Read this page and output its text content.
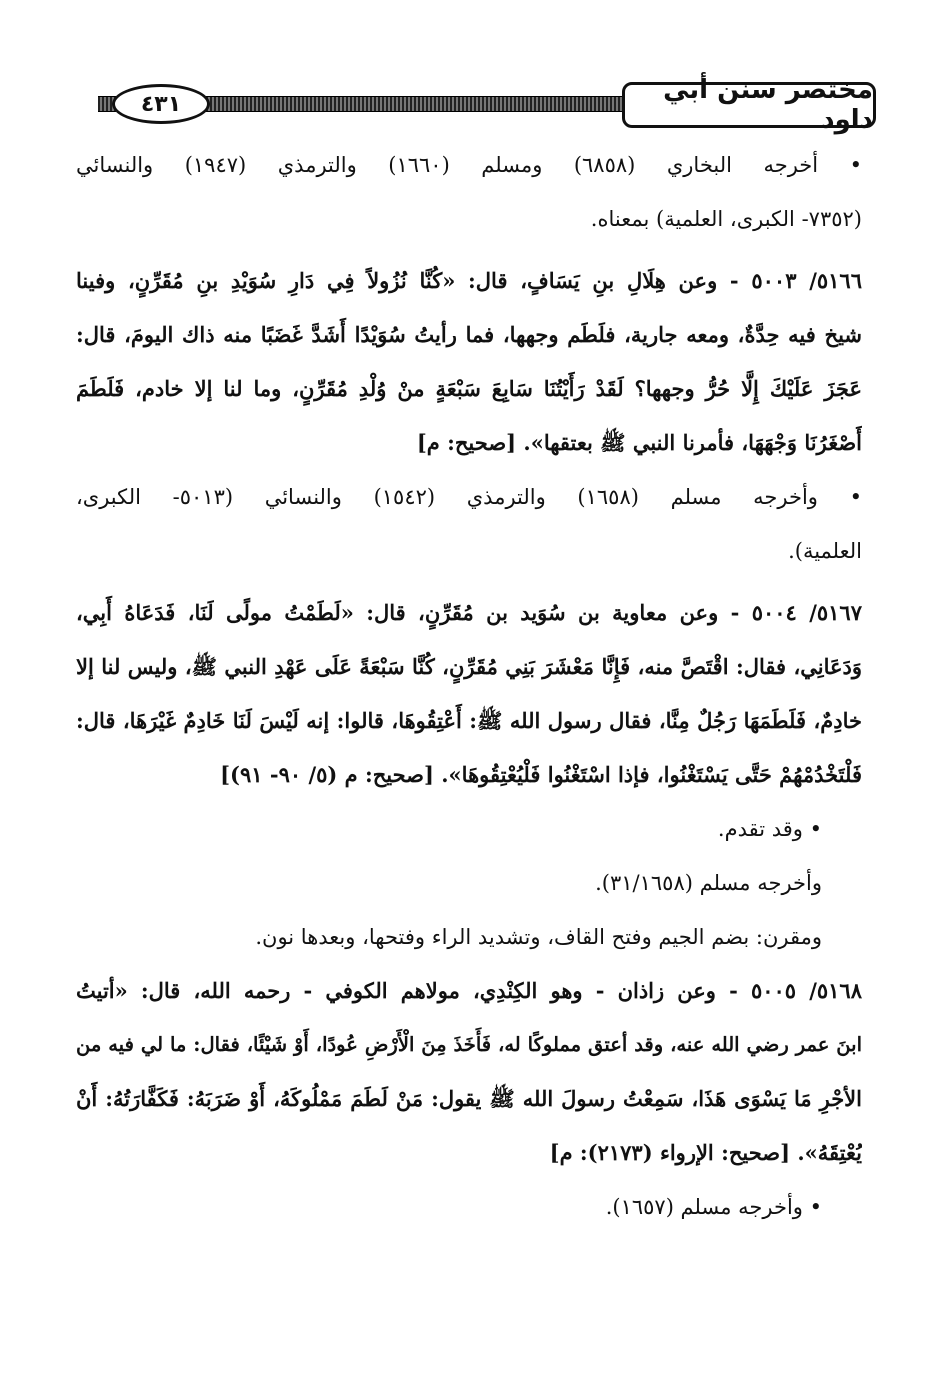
٤٣١	مختصر سنن أبي داود
• أخرجه البخاري (٦٨٥٨) ومسلم (١٦٦٠) والترمذي (١٩٤٧) والنسائي
(٧٣٥٢- الكبرى، العلمية) بمعناه.
٥١٦٦/ ٥٠٠٣ - وعن هِلَالِ بنِ يَسَافٍ، قال: «كُنَّا نُزُولاً فِي دَارِ سُوَيْدِ بنِ مُقَرِّنٍ، وفينا
شيخ فيه حِدَّةٌ، ومعه جارية، فلَطَم وجهها، فما رأيتُ سُوَيْدًا أَشَدَّ غَضَبًا منه ذاك اليومَ، قال:
عَجَزَ عَلَيْكَ إِلَّا حُرُّ وجهها؟ لَقَدْ رَأَيْتُنَا سَابِعَ سَبْعَةٍ منْ وُلْدِ مُقَرِّنٍ، وما لنا إلا خادم، فَلَطَمَ
أَصْغَرُنَا وَجْهَهَا، فأمرنا النبي ﷺ بعتقها». [صحيح: م]
• وأخرجه مسلم (١٦٥٨) والترمذي (١٥٤٢) والنسائي (٥٠١٣- الكبرى،
العلمية).
٥١٦٧/ ٥٠٠٤ - وعن معاوية بن سُوَيد بن مُقَرِّنٍ، قال: «لَطَمْتُ مولًى لَنَا، فَدَعَاهُ أَبِي،
وَدَعَانِي، فقال: اقْتَصَّ منه، فَإِنَّا مَعْشَرَ بَنِي مُقَرِّنٍ، كُنَّا سَبْعَةً عَلَى عَهْدِ النبي ﷺ، وليس لنا إلا
خادِمٌ، فَلَطَمَهَا رَجُلٌ مِنَّا، فقال رسول الله ﷺ: أَعْتِقُوهَا، قالوا: إنه لَيْسَ لَنَا خَادِمٌ غَيْرَهَا، قال:
فَلْتَخْدُمْهُمْ حَتَّى يَسْتَغْنُوا، فإذا اسْتَغْنُوا فَلْيُعْتِقُوهَا». [صحيح: م (٥/ ٩٠- ٩١)]
• وقد تقدم.
وأخرجه مسلم (٣١/١٦٥٨).
ومقرن: بضم الجيم وفتح القاف، وتشديد الراء وفتحها، وبعدها نون.
٥١٦٨/ ٥٠٠٥ - وعن زاذان - وهو الكِنْدِي، مولاهم الكوفي - رحمه الله، قال: «أتيتُ
ابنَ عمر رضي الله عنه، وقد أعتق مملوكًا له، فَأَخَذَ مِنَ الْأَرْضِ عُودًا، أَوْ شَيْئًا، فقال: ما لي فيه من
الأجْرِ مَا يَسْوَى هَذَا، سَمِعْتُ رسولَ الله ﷺ يقول: مَنْ لَطَمَ مَمْلُوكَهُ، أَوْ ضَرَبَهُ: فَكَفَّارَتُهُ: أَنْ
يُعْتِقَهُ». [صحيح: الإرواء (٢١٧٣): م]
• وأخرجه مسلم (١٦٥٧).
